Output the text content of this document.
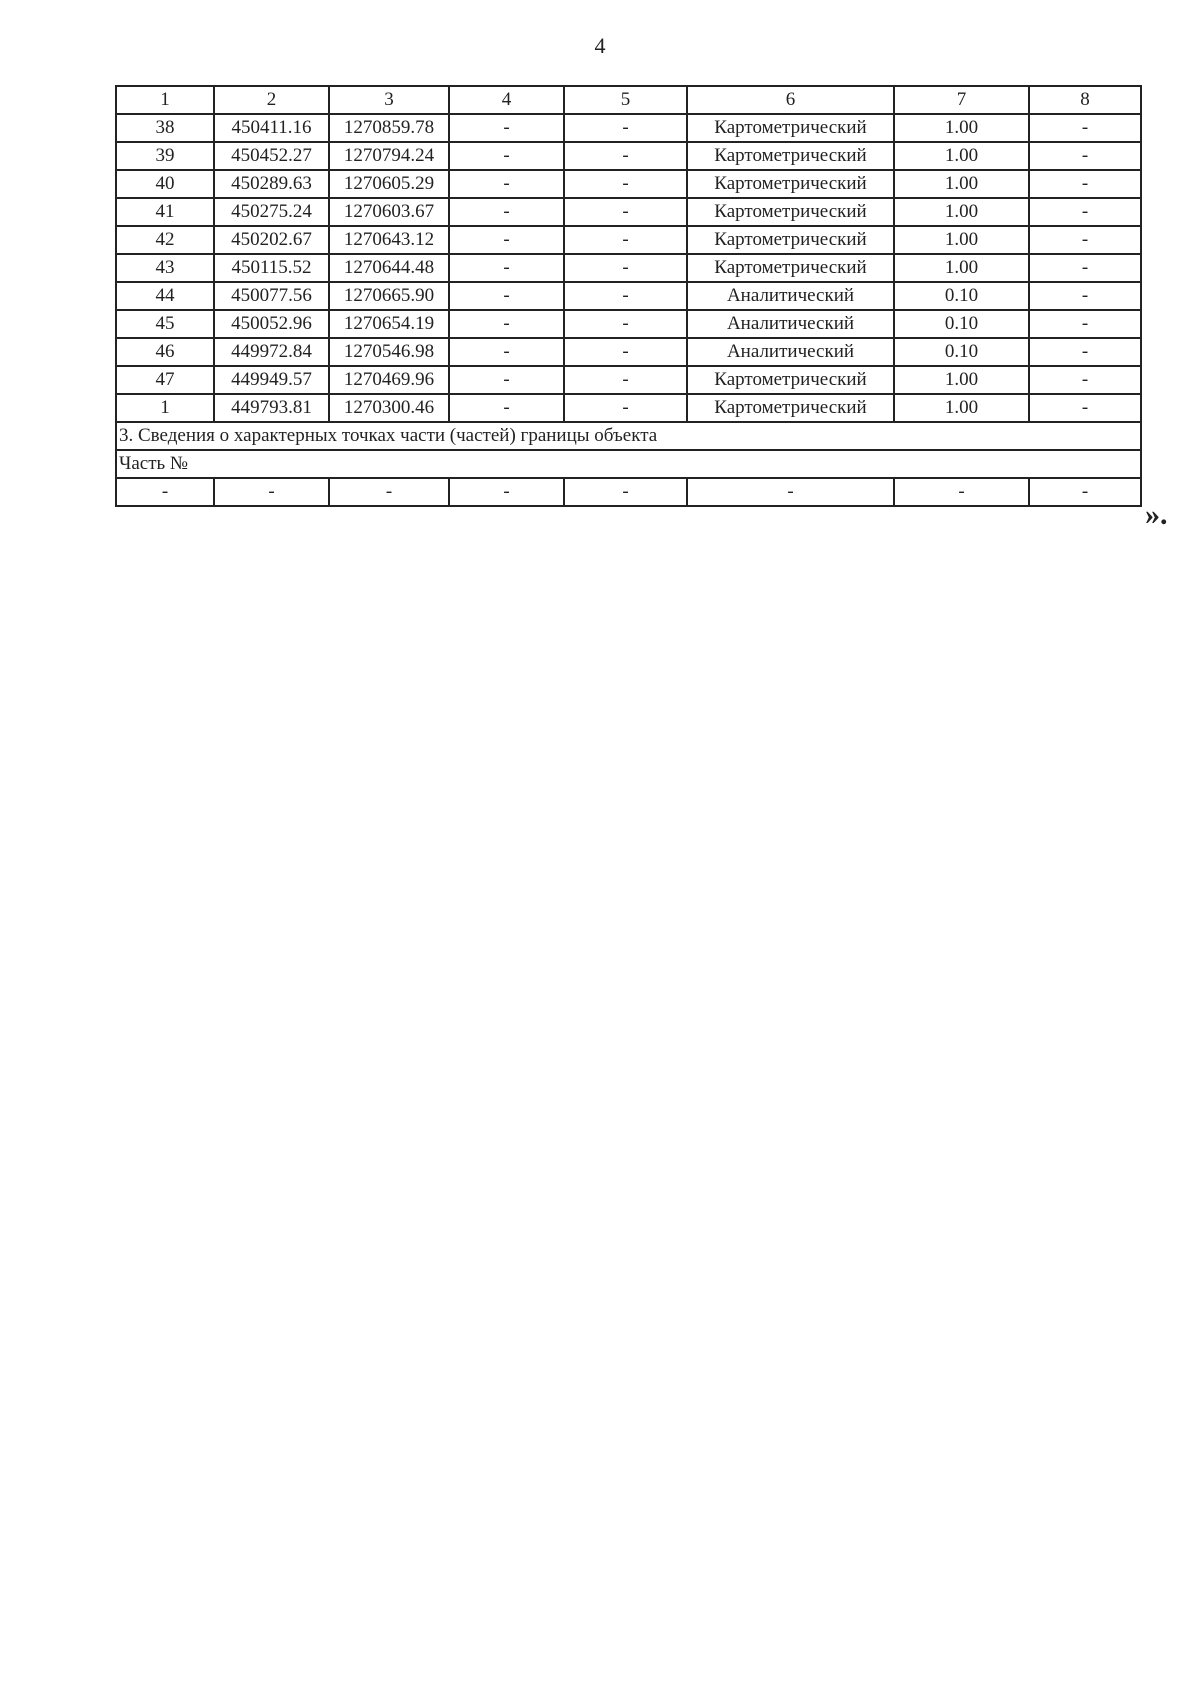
4
1	2	3	4	5	6	7	8
38	450411.16	1270859.78	-	-	Картометрический	1.00	-
39	450452.27	1270794.24	-	-	Картометрический	1.00	-
40	450289.63	1270605.29	-	-	Картометрический	1.00	-
41	450275.24	1270603.67	-	-	Картометрический	1.00	-
42	450202.67	1270643.12	-	-	Картометрический	1.00	-
43	450115.52	1270644.48	-	-	Картометрический	1.00	-
44	450077.56	1270665.90	-	-	Аналитический	0.10	-
45	450052.96	1270654.19	-	-	Аналитический	0.10	-
46	449972.84	1270546.98	-	-	Аналитический	0.10	-
47	449949.57	1270469.96	-	-	Картометрический	1.00	-
1	449793.81	1270300.46	-	-	Картометрический	1.00	-
3. Сведения о характерных точках части (частей) границы объекта							
Часть №							
-	-	-	-	-	-	-	-
».
